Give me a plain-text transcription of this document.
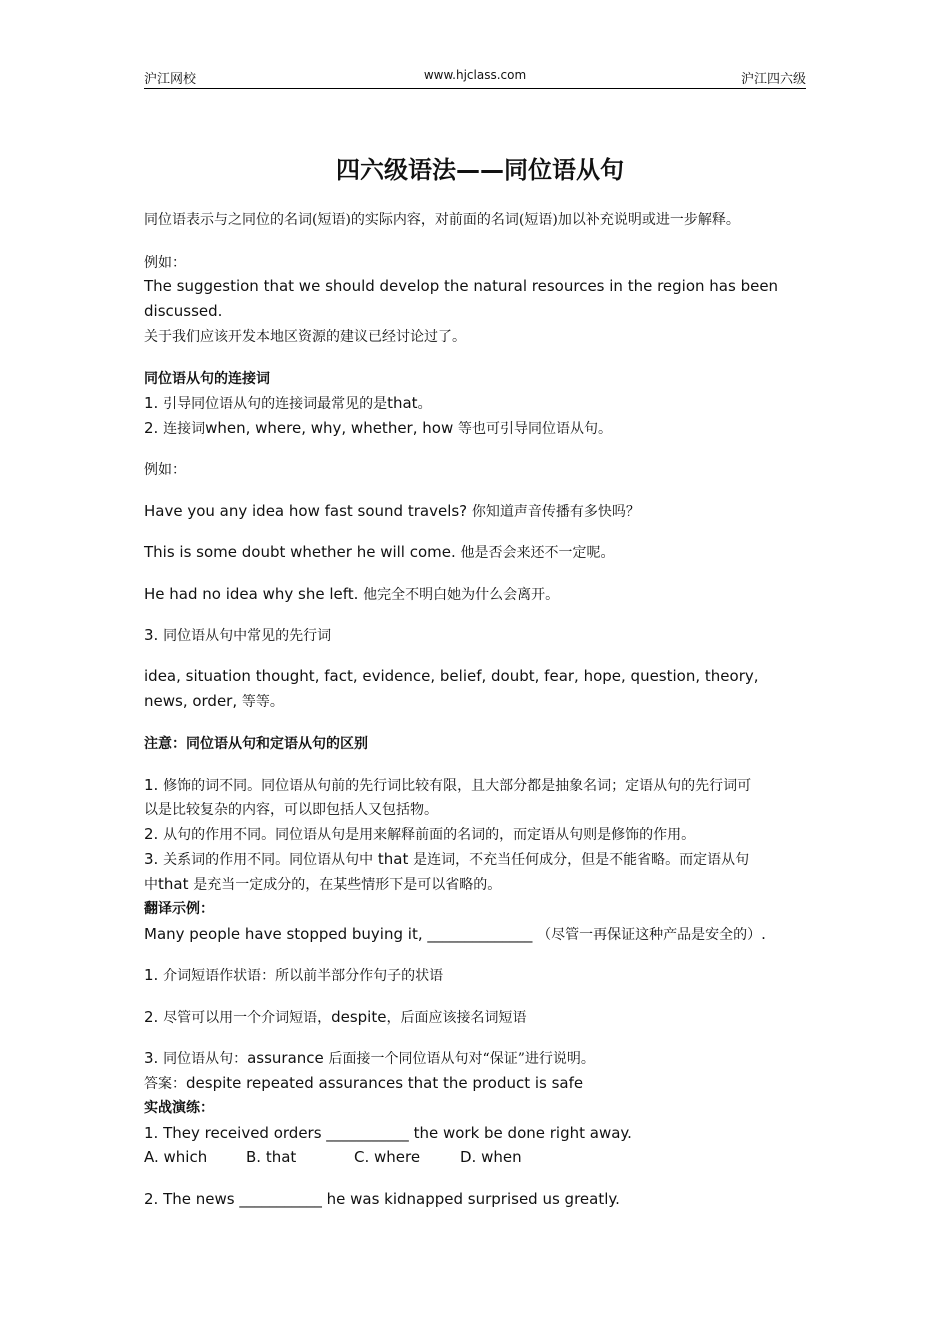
沪江网校	www.hjclass.com	沪江四六级
四六级语法——同位语从句
同位语表示与之同位的名词(短语)的实际内容，对前面的名词(短语)加以补充说明或进一步解释。
例如：
The suggestion that we should develop the natural resources in the region has been
discussed.
关于我们应该开发本地区资源的建议已经讨论过了。
同位语从句的连接词
1. 引导同位语从句的连接词最常见的是that。
2. 连接词when, where, why, whether, how 等也可引导同位语从句。
例如：
Have you any idea how fast sound travels? 你知道声音传播有多快吗？
This is some doubt whether he will come. 他是否会来还不一定呢。
He had no idea why she left. 他完全不明白她为什么会离开。
3. 同位语从句中常见的先行词
idea, situation thought, fact, evidence, belief, doubt, fear, hope, question, theory,
news, order, 等等。
注意：同位语从句和定语从句的区别
1. 修饰的词不同。同位语从句前的先行词比较有限，且大部分都是抽象名词；定语从句的先行词可
以是比较复杂的内容，可以即包括人又包括物。
2. 从句的作用不同。同位语从句是用来解释前面的名词的，而定语从句则是修饰的作用。
3. 关系词的作用不同。同位语从句中 that 是连词，不充当任何成分，但是不能省略。而定语从句
中that 是充当一定成分的，在某些情形下是可以省略的。
翻译示例：
Many people have stopped buying it, ______________ （尽管一再保证这种产品是安全的）.
1. 介词短语作状语：所以前半部分作句子的状语
2. 尽管可以用一个介词短语，despite，后面应该接名词短语
3. 同位语从句：assurance 后面接一个同位语从句对“保证”进行说明。
答案：despite repeated assurances that the product is safe
实战演练：
1. They received orders ___________ the work be done right away.
A. which	B. that	C. where	D. when
2. The news ___________ he was kidnapped surprised us greatly.
